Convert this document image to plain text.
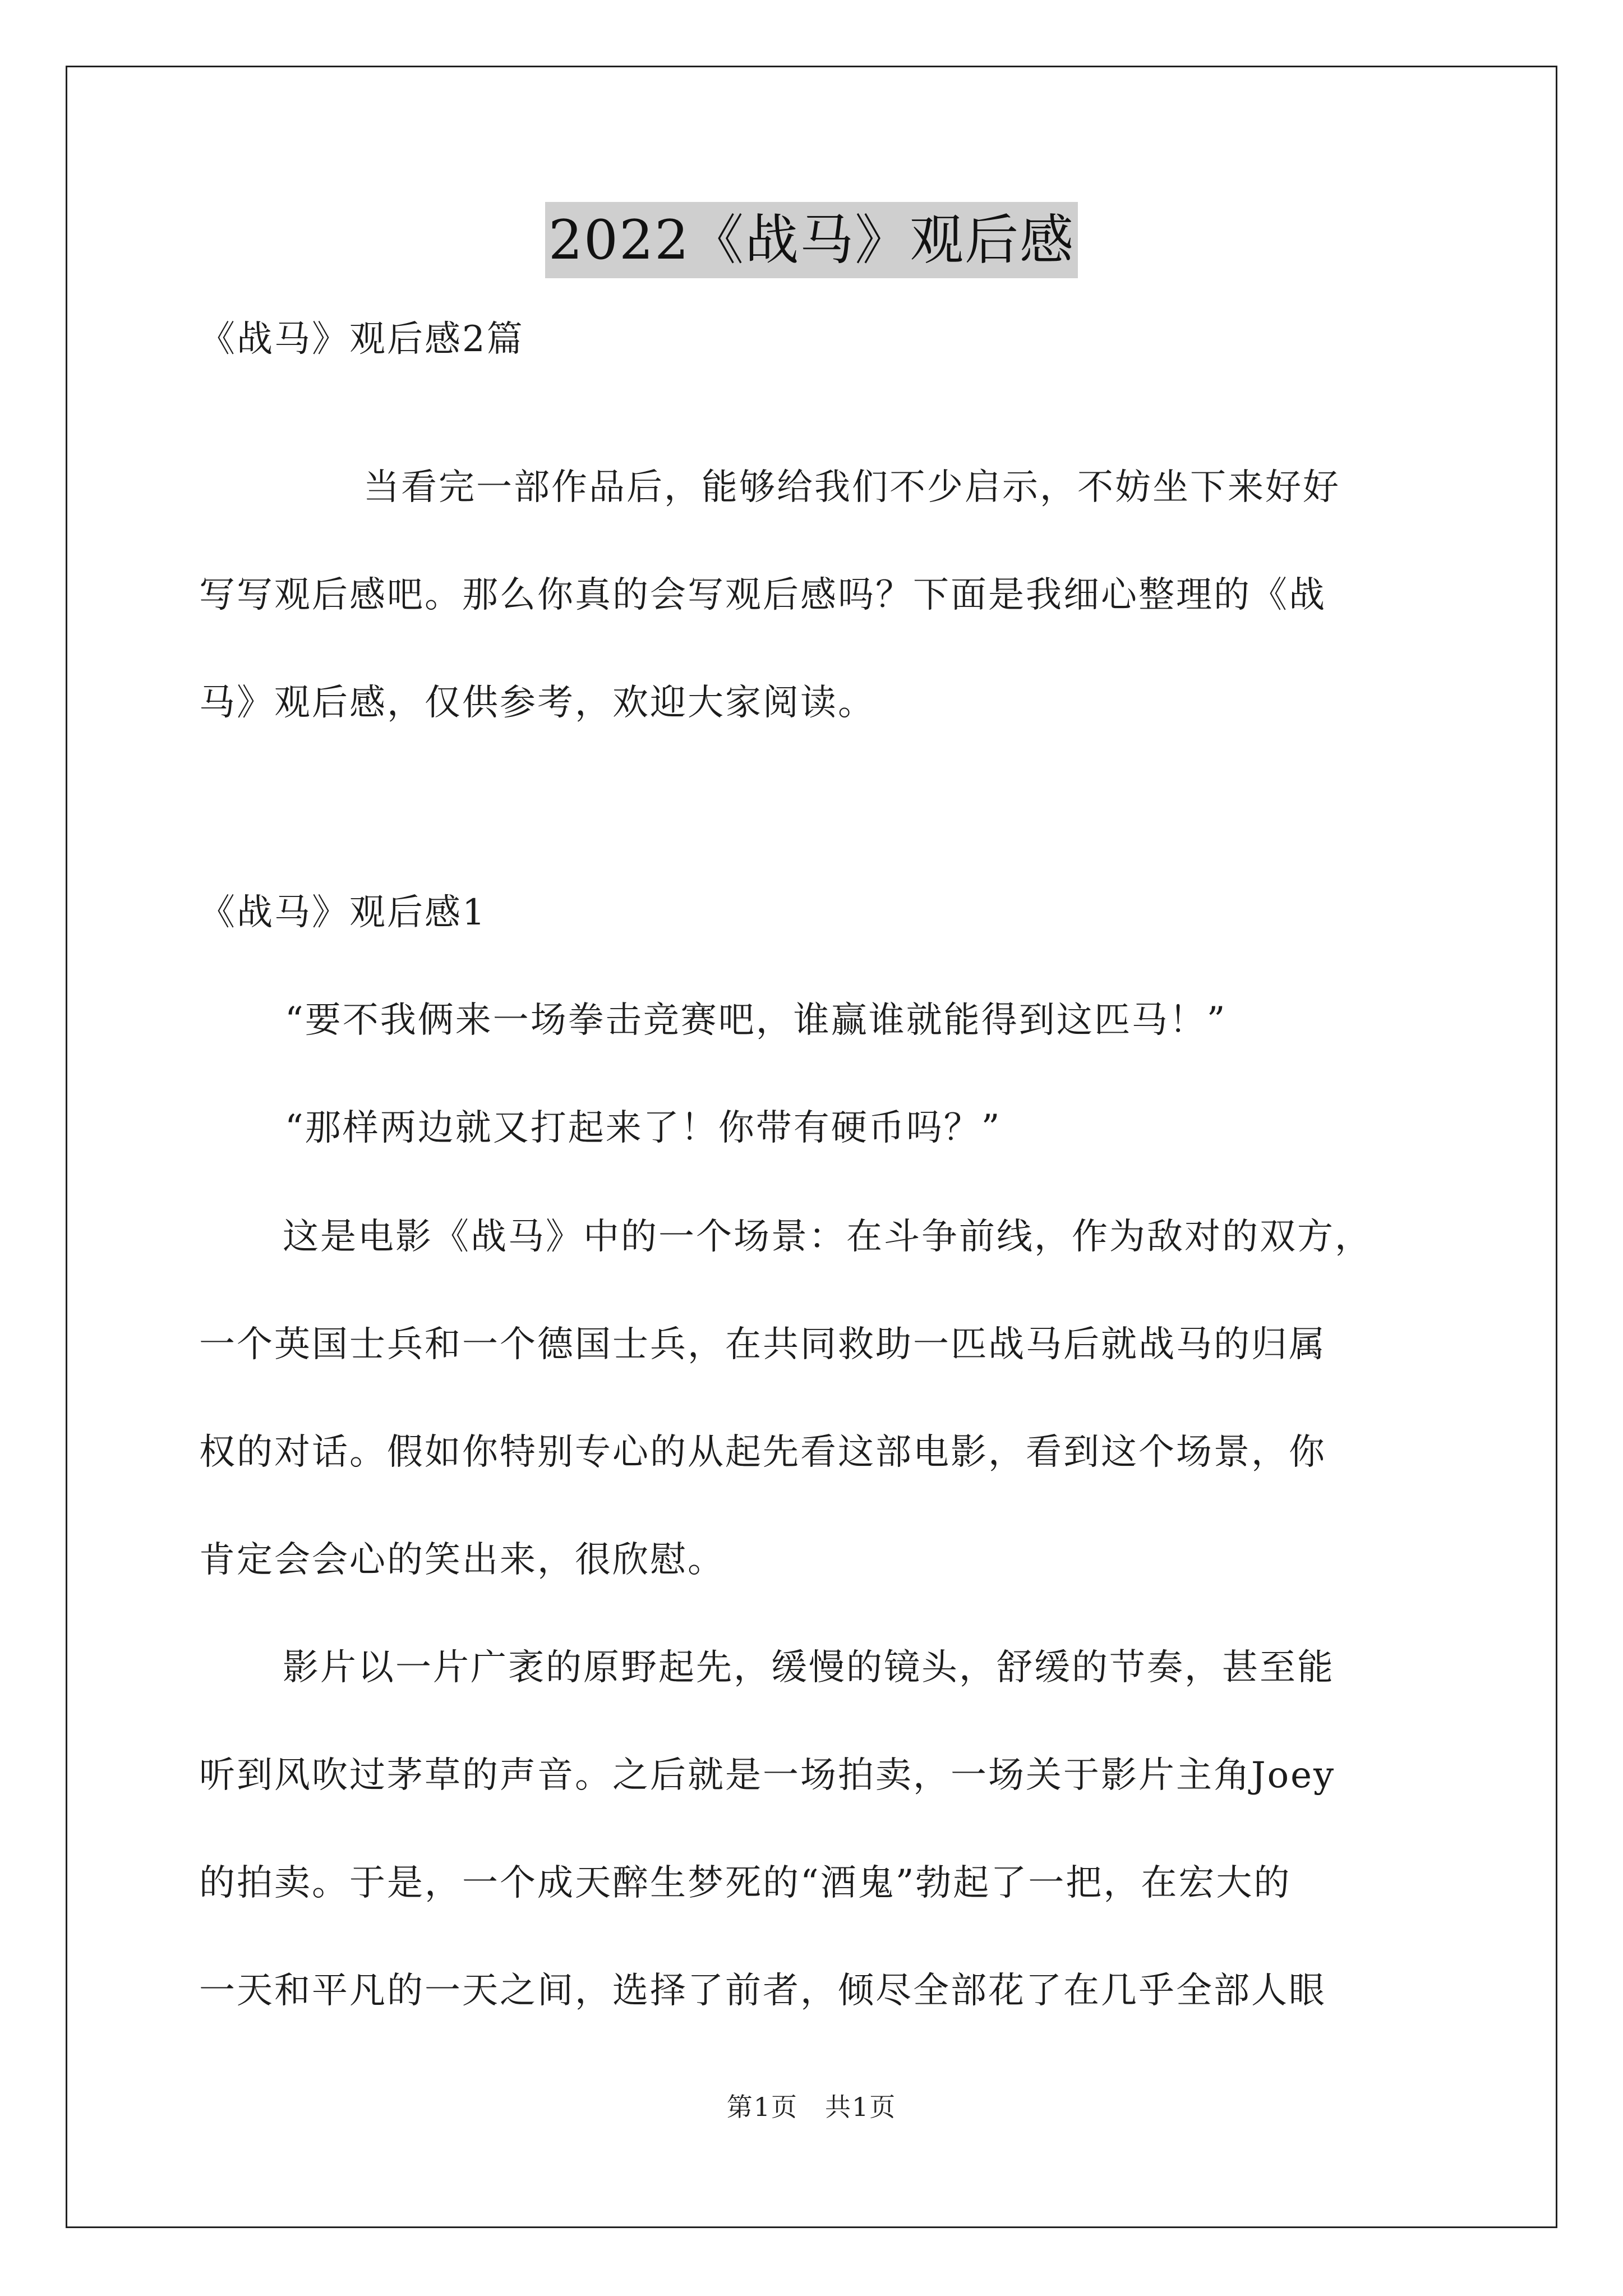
2022《战马》观后感
《战马》观后感2篇
当看完一部作品后，能够给我们不少启示，不妨坐下来好好
写写观后感吧。那么你真的会写观后感吗？下面是我细心整理的《战
马》观后感，仅供参考，欢迎大家阅读。
《战马》观后感1
“要不我俩来一场拳击竞赛吧，谁赢谁就能得到这匹马！”
“那样两边就又打起来了！你带有硬币吗？”
这是电影《战马》中的一个场景：在斗争前线，作为敌对的双方，
一个英国士兵和一个德国士兵，在共同救助一匹战马后就战马的归属
权的对话。假如你特别专心的从起先看这部电影，看到这个场景，你
肯定会会心的笑出来，很欣慰。
影片以一片广袤的原野起先，缓慢的镜头，舒缓的节奏，甚至能
听到风吹过茅草的声音。之后就是一场拍卖，一场关于影片主角Joey
的拍卖。于是，一个成天醉生梦死的“酒鬼”勃起了一把，在宏大的
一天和平凡的一天之间，选择了前者，倾尽全部花了在几乎全部人眼
第1页　共1页
